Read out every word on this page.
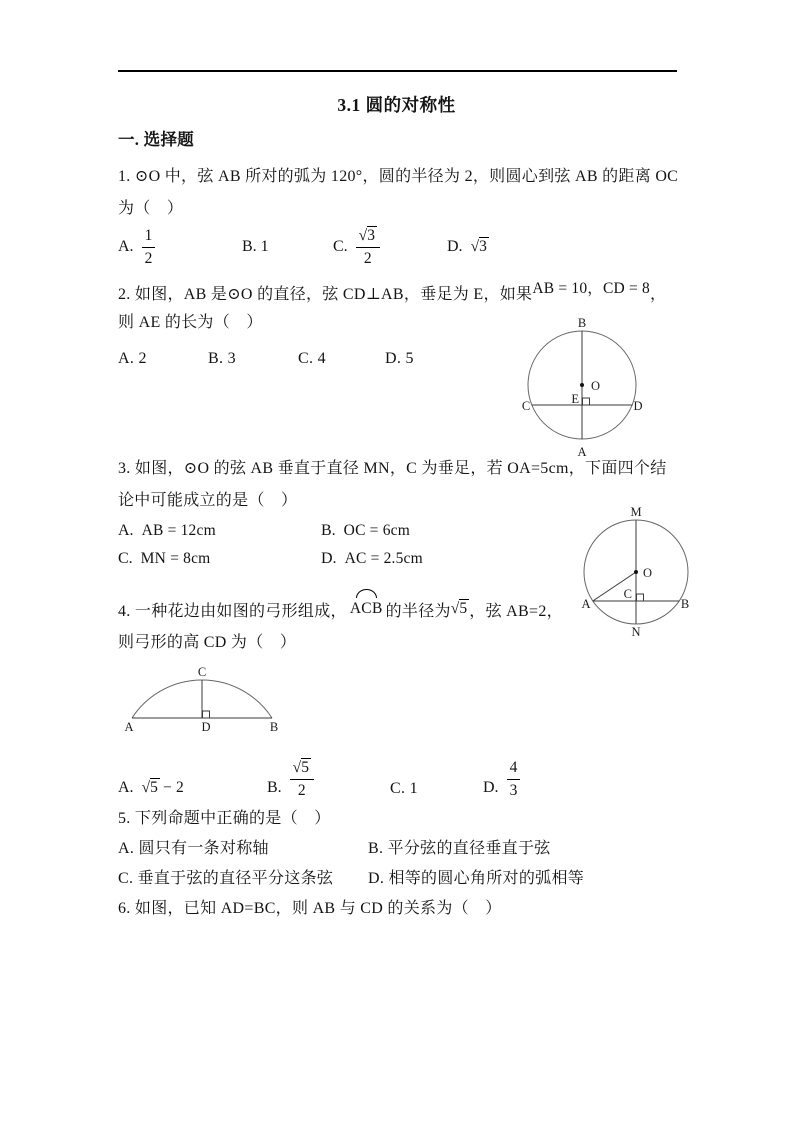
3.1 圆的对称性
一. 选择题
1. ⊙O 中，弦 AB 所对的弧为 120°，圆的半径为 2，则圆心到弦 AB 的距离 OC
为（　）
A. $\frac{1}{2}$	B. 1	C. $\frac{√3}{2}$	D. √3
2. 如图，AB 是⊙O 的直径，弦 CD⊥AB，垂足为 E，如果AB = 10，CD = 8，
则 AE 的长为（　）
A. 2	B. 3	C. 4	D. 5
B
O
C	E	D
A
3. 如图，⊙O 的弦 AB 垂直于直径 MN，C 为垂足，若 OA=5cm，下面四个结
论中可能成立的是（　）
A. AB = 12cm	B. OC = 6cm
C. MN = 8cm	D. AC = 2.5cm
M
O
C
A	B
N
4. 一种花边由如图的弓形组成， ACB 的半径为√5 ，弦 AB=2，
则弓形的高 CD 为（　）
C
A	D	B
A. √5 − 2	B. $\frac{√5}{2}$	C. 1	D. $\frac{4}{3}$
5. 下列命题中正确的是（　）
A. 圆只有一条对称轴	B. 平分弦的直径垂直于弦
C. 垂直于弦的直径平分这条弦 D. 相等的圆心角所对的弧相等
6. 如图，已知 AD=BC，则 AB 与 CD 的关系为（　）
